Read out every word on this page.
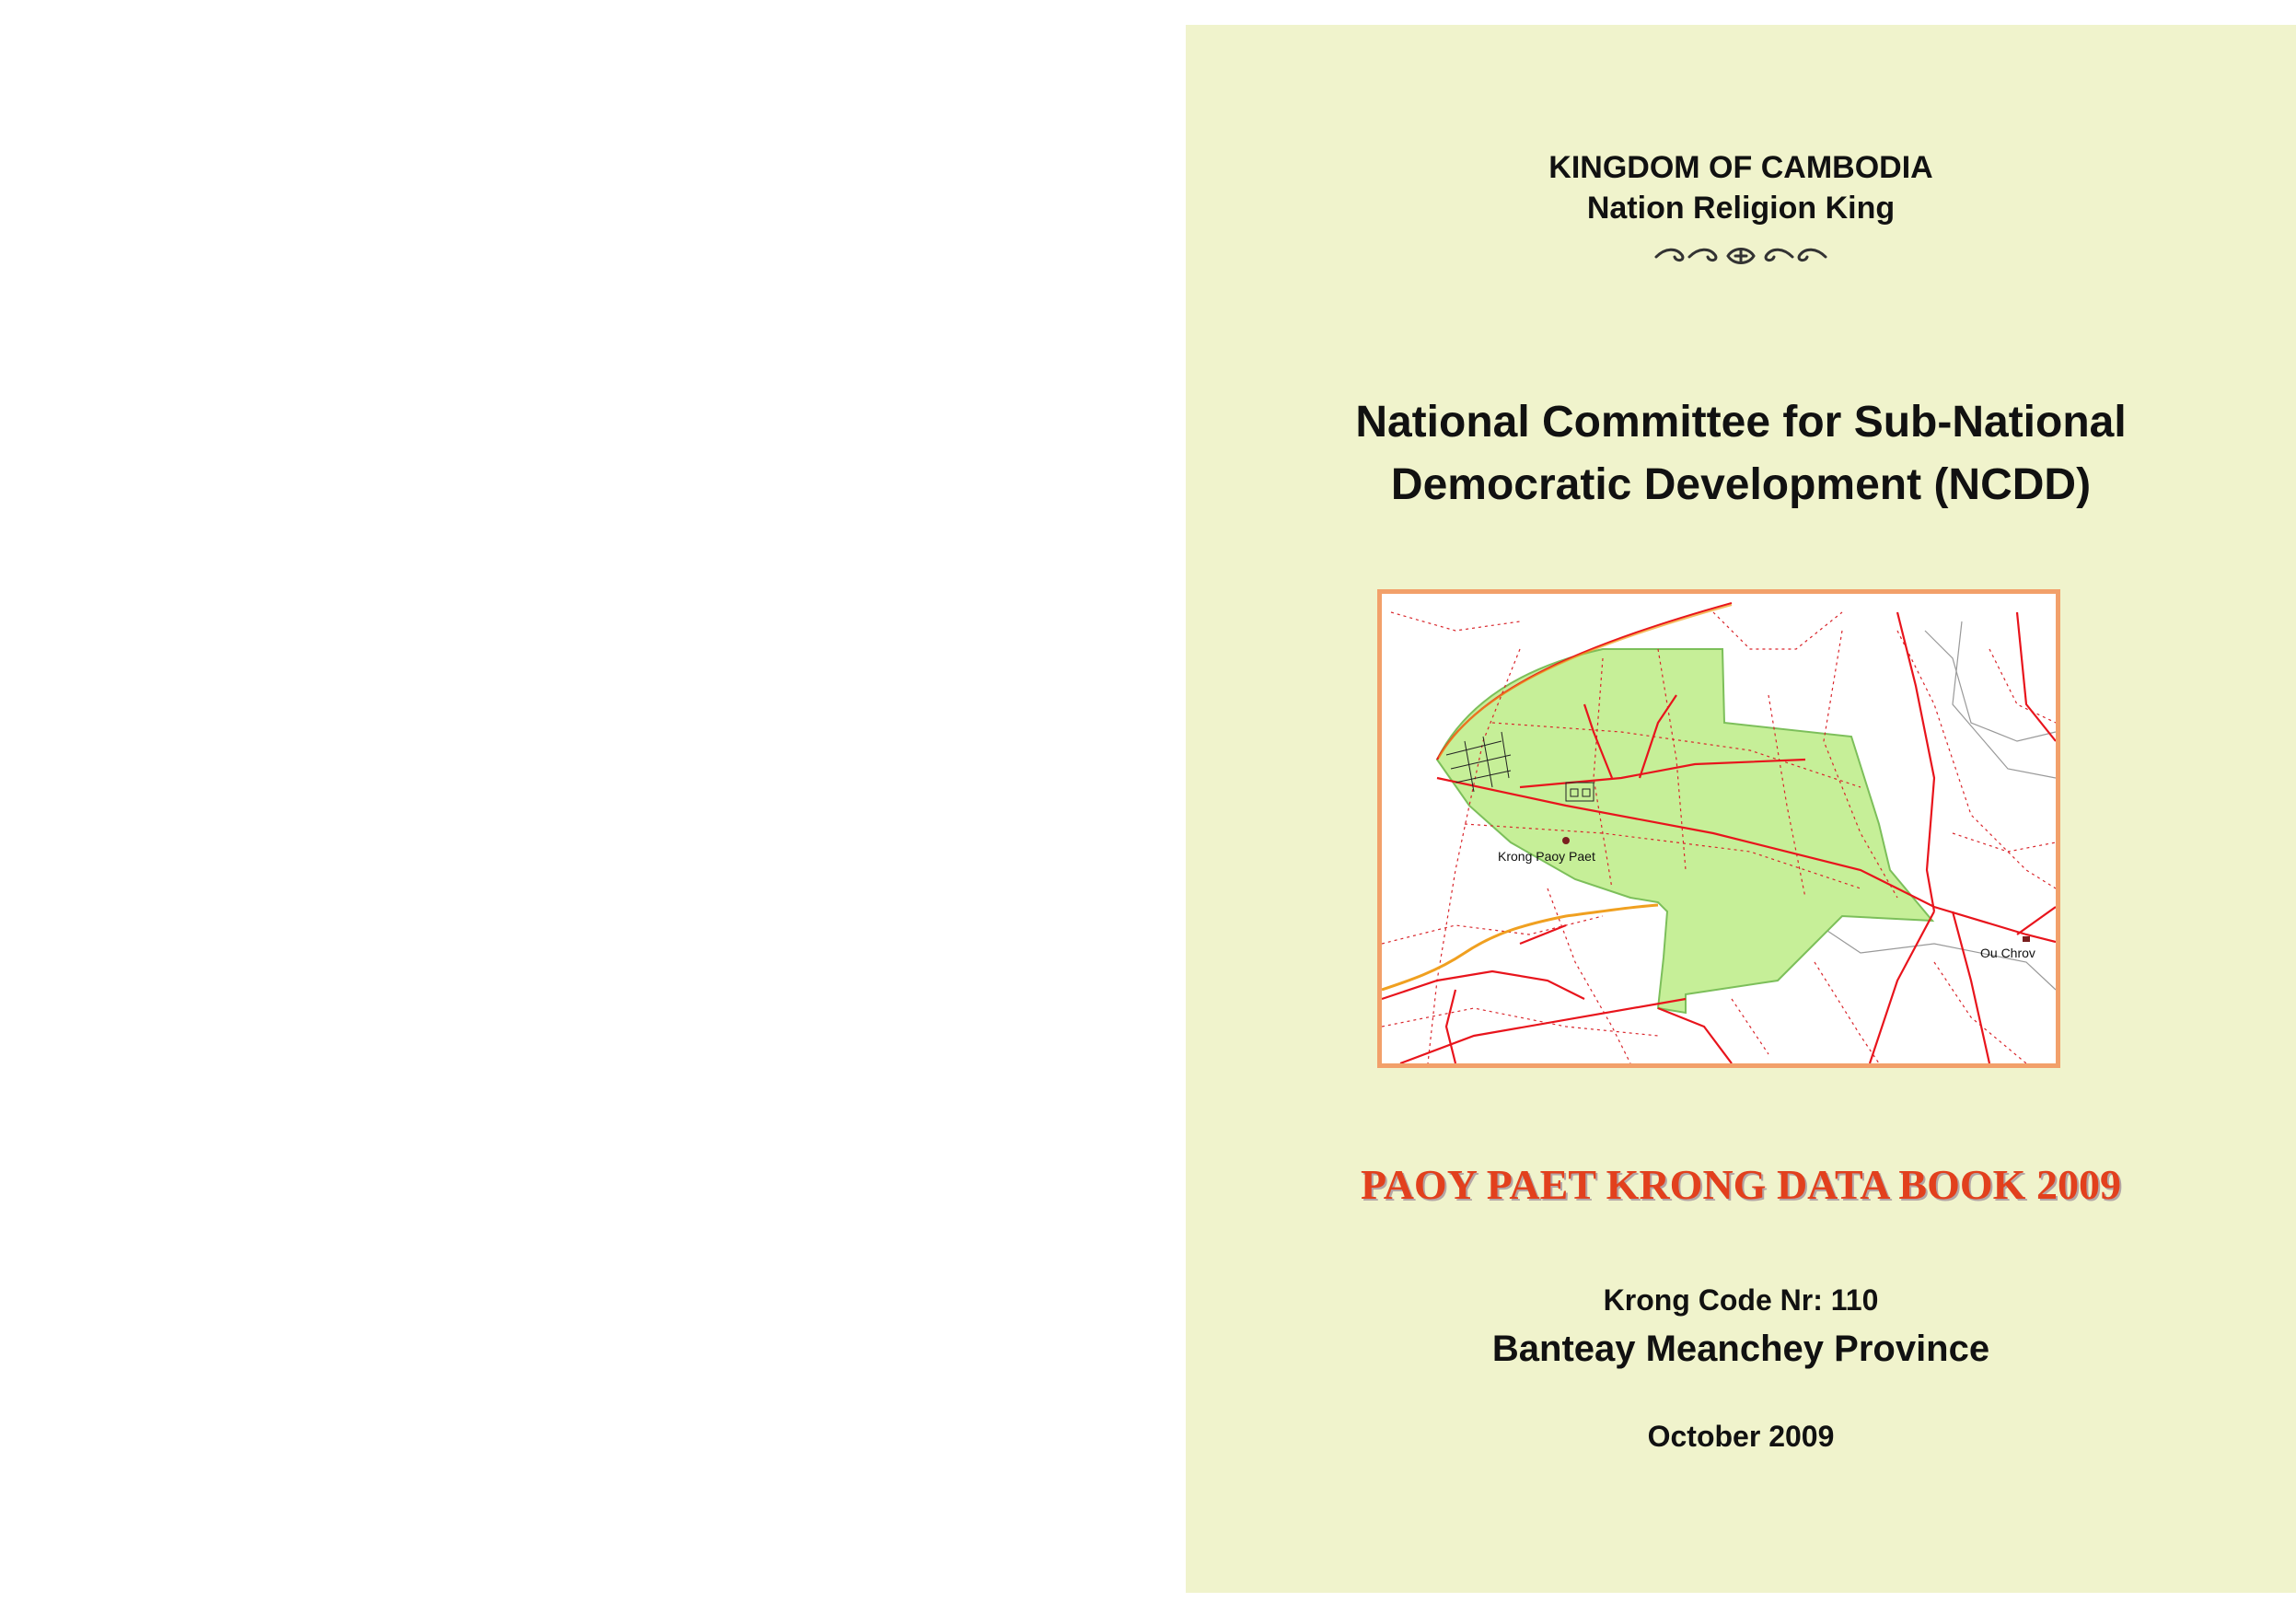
KINGDOM OF CAMBODIA
Nation Religion King
National Committee for Sub-National
Democratic Development (NCDD)
Krong Paoy Paet
Ou Chrov
PAOY PAET KRONG DATA BOOK 2009
Krong Code Nr: 110
Banteay Meanchey Province
October 2009
